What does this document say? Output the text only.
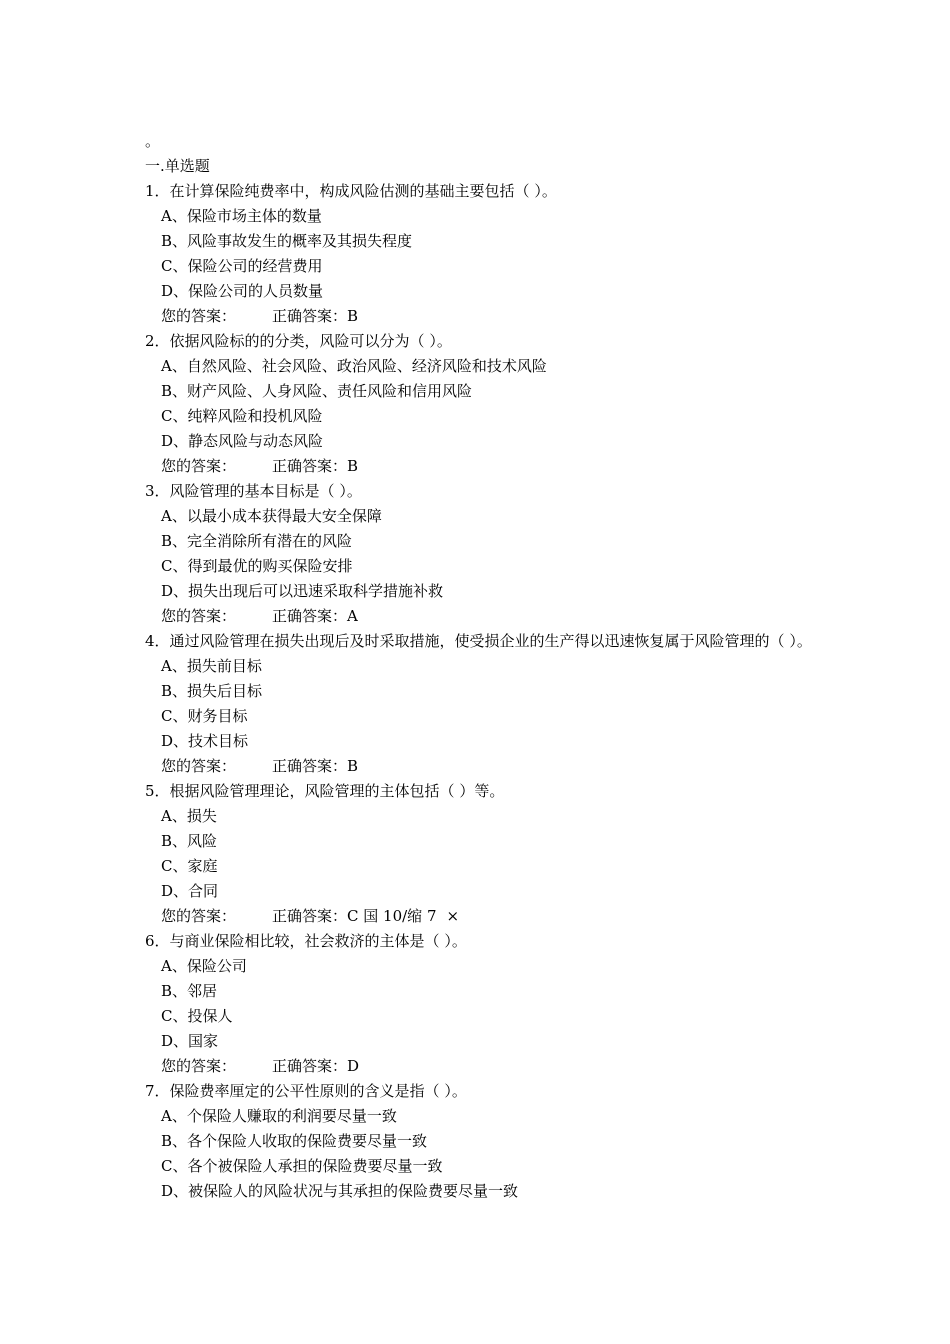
。

一.单选题

1．在计算保险纯费率中，构成风险估测的基础主要包括（ ）。

A、保险市场主体的数量

B、风险事故发生的概率及其损失程度

C、保险公司的经营费用

D、保险公司的人员数量

您的答案： 正确答案：B

2．依据风险标的的分类，风险可以分为（ ）。

A、自然风险、社会风险、政治风险、经济风险和技术风险

B、财产风险、人身风险、责任风险和信用风险

C、纯粹风险和投机风险

D、静态风险与动态风险

您的答案： 正确答案：B

3．风险管理的基本目标是（ ）。

A、以最小成本获得最大安全保障

B、完全消除所有潜在的风险

C、得到最优的购买保险安排

D、损失出现后可以迅速采取科学措施补救

您的答案： 正确答案：A

4．通过风险管理在损失出现后及时采取措施，使受损企业的生产得以迅速恢复属于风险管理的（ ）。

A、损失前目标

B、损失后目标

C、财务目标

D、技术目标

您的答案： 正确答案：B

5．根据风险管理理论，风险管理的主体包括（ ）等。

A、损失

B、风险

C、家庭

D、合同

您的答案： 正确答案：C 国 10/缩 7 ×

6．与商业保险相比较，社会救济的主体是（ ）。

A、保险公司

B、邻居

C、投保人

D、国家

您的答案： 正确答案：D

7．保险费率厘定的公平性原则的含义是指（ ）。

A、个保险人赚取的利润要尽量一致

B、各个保险人收取的保险费要尽量一致

C、各个被保险人承担的保险费要尽量一致

D、被保险人的风险状况与其承担的保险费要尽量一致
